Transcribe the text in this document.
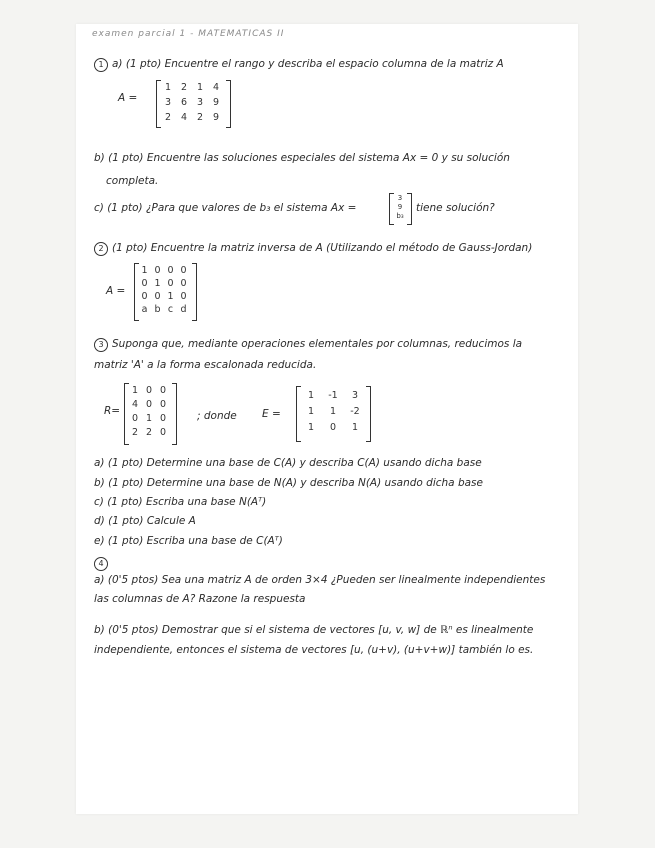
examen parcial 1 - MATEMATICAS II
1 a) (1 pto) Encuentre el rango y describa el espacio columna de la matriz A
A =
1	2	1	4
3	6	3	9
2	4	2	9
b) (1 pto) Encuentre las soluciones especiales del sistema Ax = 0 y su solución
completa.
c) (1 pto) ¿Para que valores de b₃ el sistema Ax =
3
9
b₃
tiene solución?
2 (1 pto) Encuentre la matriz inversa de A (Utilizando el método de Gauss-Jordan)
A =
1 0 0 0
0 1 0 0
0 0 1 0
a b c d
3 Suponga que, mediante operaciones elementales por columnas, reducimos la
matriz 'A' a la forma escalonada reducida.
R=
1 0 0
4 0 0
0 1 0
2 2 0
; donde E =
1	-1	3
1	1	-2
1	0	1
a) (1 pto) Determine una base de C(A) y describa C(A) usando dicha base
b) (1 pto) Determine una base de N(A) y describa N(A) usando dicha base
c) (1 pto) Escriba una base N(Aᵀ)
d) (1 pto) Calcule A
e) (1 pto) Escriba una base de C(Aᵀ)
4
a) (0'5 ptos) Sea una matriz A de orden 3×4 ¿Pueden ser linealmente independientes
las columnas de A? Razone la respuesta
b) (0'5 ptos) Demostrar que si el sistema de vectores [u, v, w] de ℝⁿ es linealmente
independiente, entonces el sistema de vectores [u, (u+v), (u+v+w)] también lo es.
